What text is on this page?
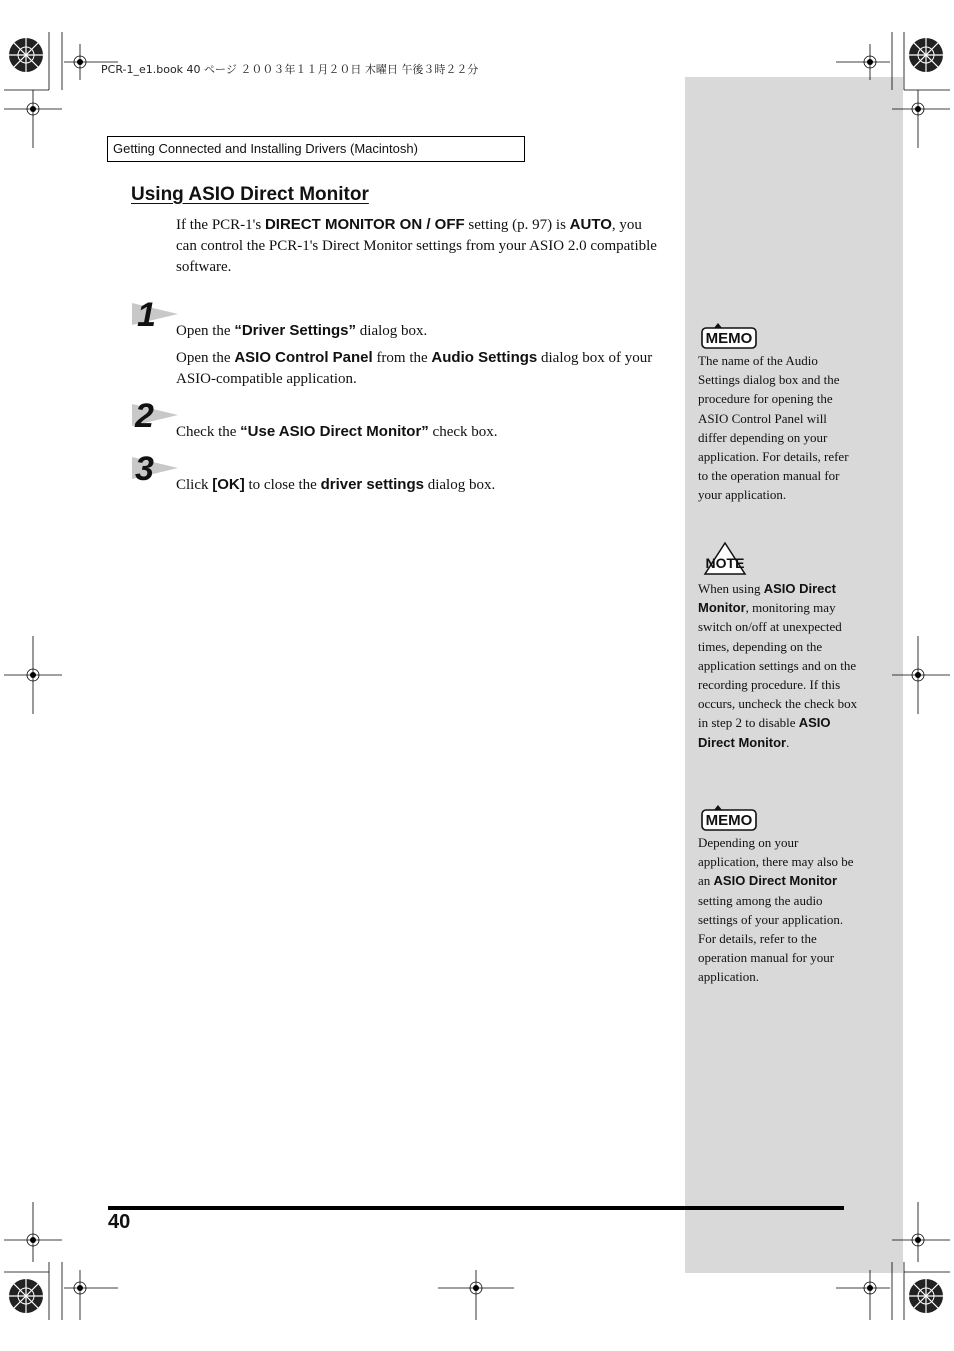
PCR-1_e1.book 40 ページ ２００３年１１月２０日 木曜日 午後３時２２分
Getting Connected and Installing Drivers (Macintosh)
Using ASIO Direct Monitor
If the PCR-1's DIRECT MONITOR ON / OFF setting (p. 97) is AUTO, you can control the PCR-1's Direct Monitor settings from your ASIO 2.0 compatible software.
1 Open the “Driver Settings” dialog box.
Open the ASIO Control Panel from the Audio Settings dialog box of your ASIO-compatible application.
2 Check the “Use ASIO Direct Monitor” check box.
3 Click [OK] to close the driver settings dialog box.
MEMO
The name of the Audio Settings dialog box and the procedure for opening the ASIO Control Panel will differ depending on your application. For details, refer to the operation manual for your application.
NOTE
When using ASIO Direct Monitor, monitoring may switch on/off at unexpected times, depending on the application settings and on the recording procedure. If this occurs, uncheck the check box in step 2 to disable ASIO Direct Monitor.
MEMO
Depending on your application, there may also be an ASIO Direct Monitor setting among the audio settings of your application. For details, refer to the operation manual for your application.
40
